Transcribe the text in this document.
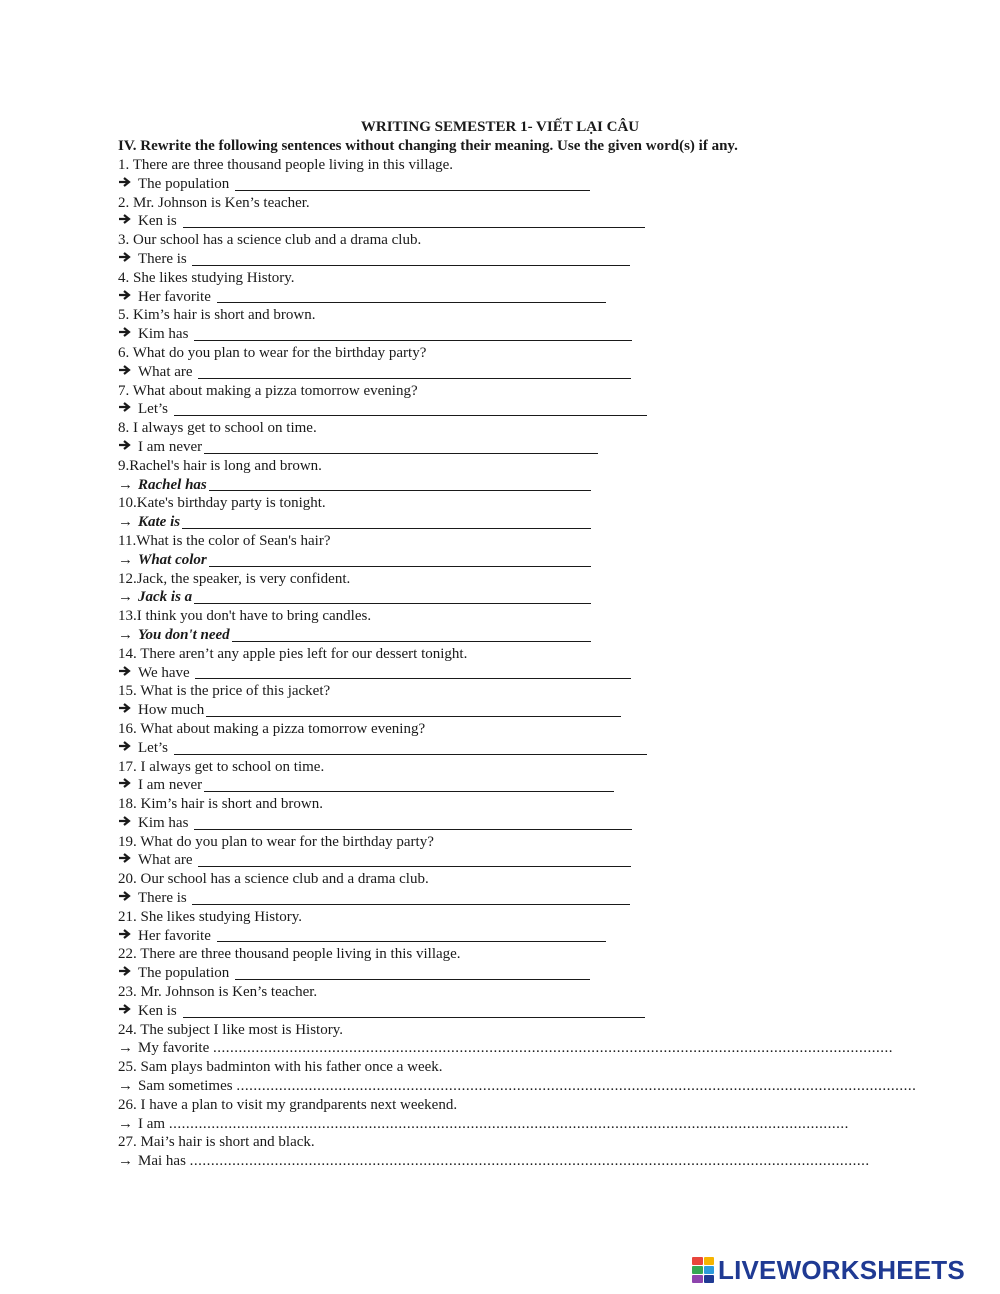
WRITING SEMESTER 1- VIẾT LẠI CÂU
IV. Rewrite the following sentences without changing their meaning. Use the given word(s) if any.
1. There are three thousand people living in this village.
The population
2. Mr. Johnson is Ken’s teacher.
Ken is
3. Our school has a science club and a drama club.
There is
4. She likes studying History.
Her favorite
5. Kim’s hair is short and brown.
Kim has
6. What do you plan to wear for the birthday party?
What are
7. What about making a pizza tomorrow evening?
Let’s
8. I always get to school on time.
I am never
9.Rachel's hair is long and brown.
→ Rachel has
10.Kate's birthday party is tonight.
→ Kate is
11.What is the color of Sean's hair?
→ What color
12.Jack, the speaker, is very confident.
→ Jack is a
13.I think you don't have to bring candles.
→ You don't need
14. There aren’t any apple pies left for our dessert tonight.
We have
15. What is the price of this jacket?
How much
16. What about making a pizza tomorrow evening?
Let’s
17. I always get to school on time.
I am never
18. Kim’s hair is short and brown.
Kim has
19. What do you plan to wear for the birthday party?
What are
20. Our school has a science club and a drama club.
There is
21. She likes studying History.
Her favorite
22. There are three thousand people living in this village.
The population
23. Mr. Johnson is Ken’s teacher.
Ken is
24. The subject I like most is History.
→ My favorite ................................................................................................................................................................
25. Sam plays badminton with his father once a week.
→ Sam sometimes ................................................................................................................................................................
26. I have a plan to visit my grandparents next weekend.
→ I am ................................................................................................................................................................
27. Mai’s hair is short and black.
→ Mai has ................................................................................................................................................................
LIVEWORKSHEETS
